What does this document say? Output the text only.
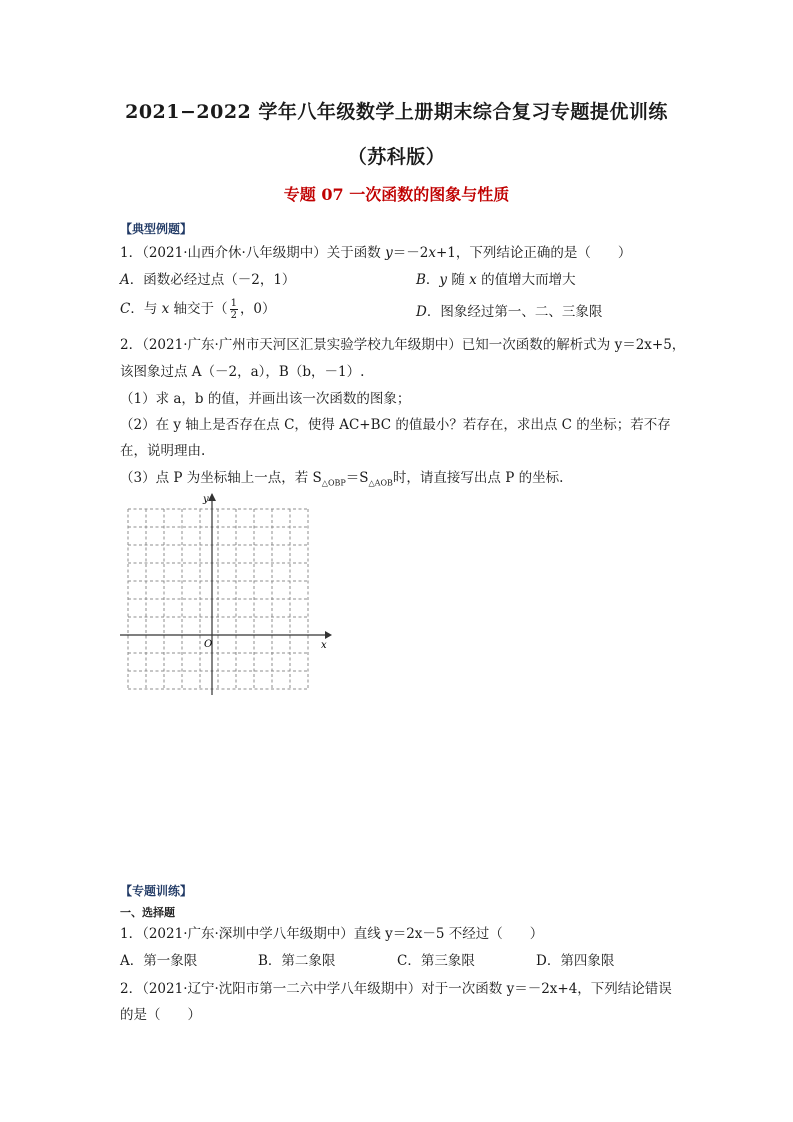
2021−2022 学年八年级数学上册期末综合复习专题提优训练
（苏科版）
专题 07 一次函数的图象与性质
【典型例题】
1．（2021·山西介休·八年级期中）关于函数 y＝－2x+1，下列结论正确的是（　　）
A．函数必经过点（－2，1）	B．y 随 x 的值增大而增大
C．与 x 轴交于（ $\frac{1}{2}$ ，0）	D．图象经过第一、二、三象限
2．（2021·广东·广州市天河区汇景实验学校九年级期中）已知一次函数的解析式为 y＝2x+5，
该图象过点 A（－2，a），B（b，－1）.
（1）求 a，b 的值，并画出该一次函数的图象；
（2）在 y 轴上是否存在点 C，使得 AC+BC 的值最小？若存在，求出点 C 的坐标；若不存
在，说明理由.
（3）点 P 为坐标轴上一点，若 $S_{\triangle OBP}=S_{\triangle AOB}$时，请直接写出点 P 的坐标.
x
y
O
【专题训练】
一、选择题
1．（2021·广东·深圳中学八年级期中）直线 y＝2x－5 不经过（　　）
A．第一象限	B．第二象限	C．第三象限	D．第四象限
2．（2021·辽宁·沈阳市第一二六中学八年级期中）对于一次函数 y＝－2x+4，下列结论错误
的是（　　）
